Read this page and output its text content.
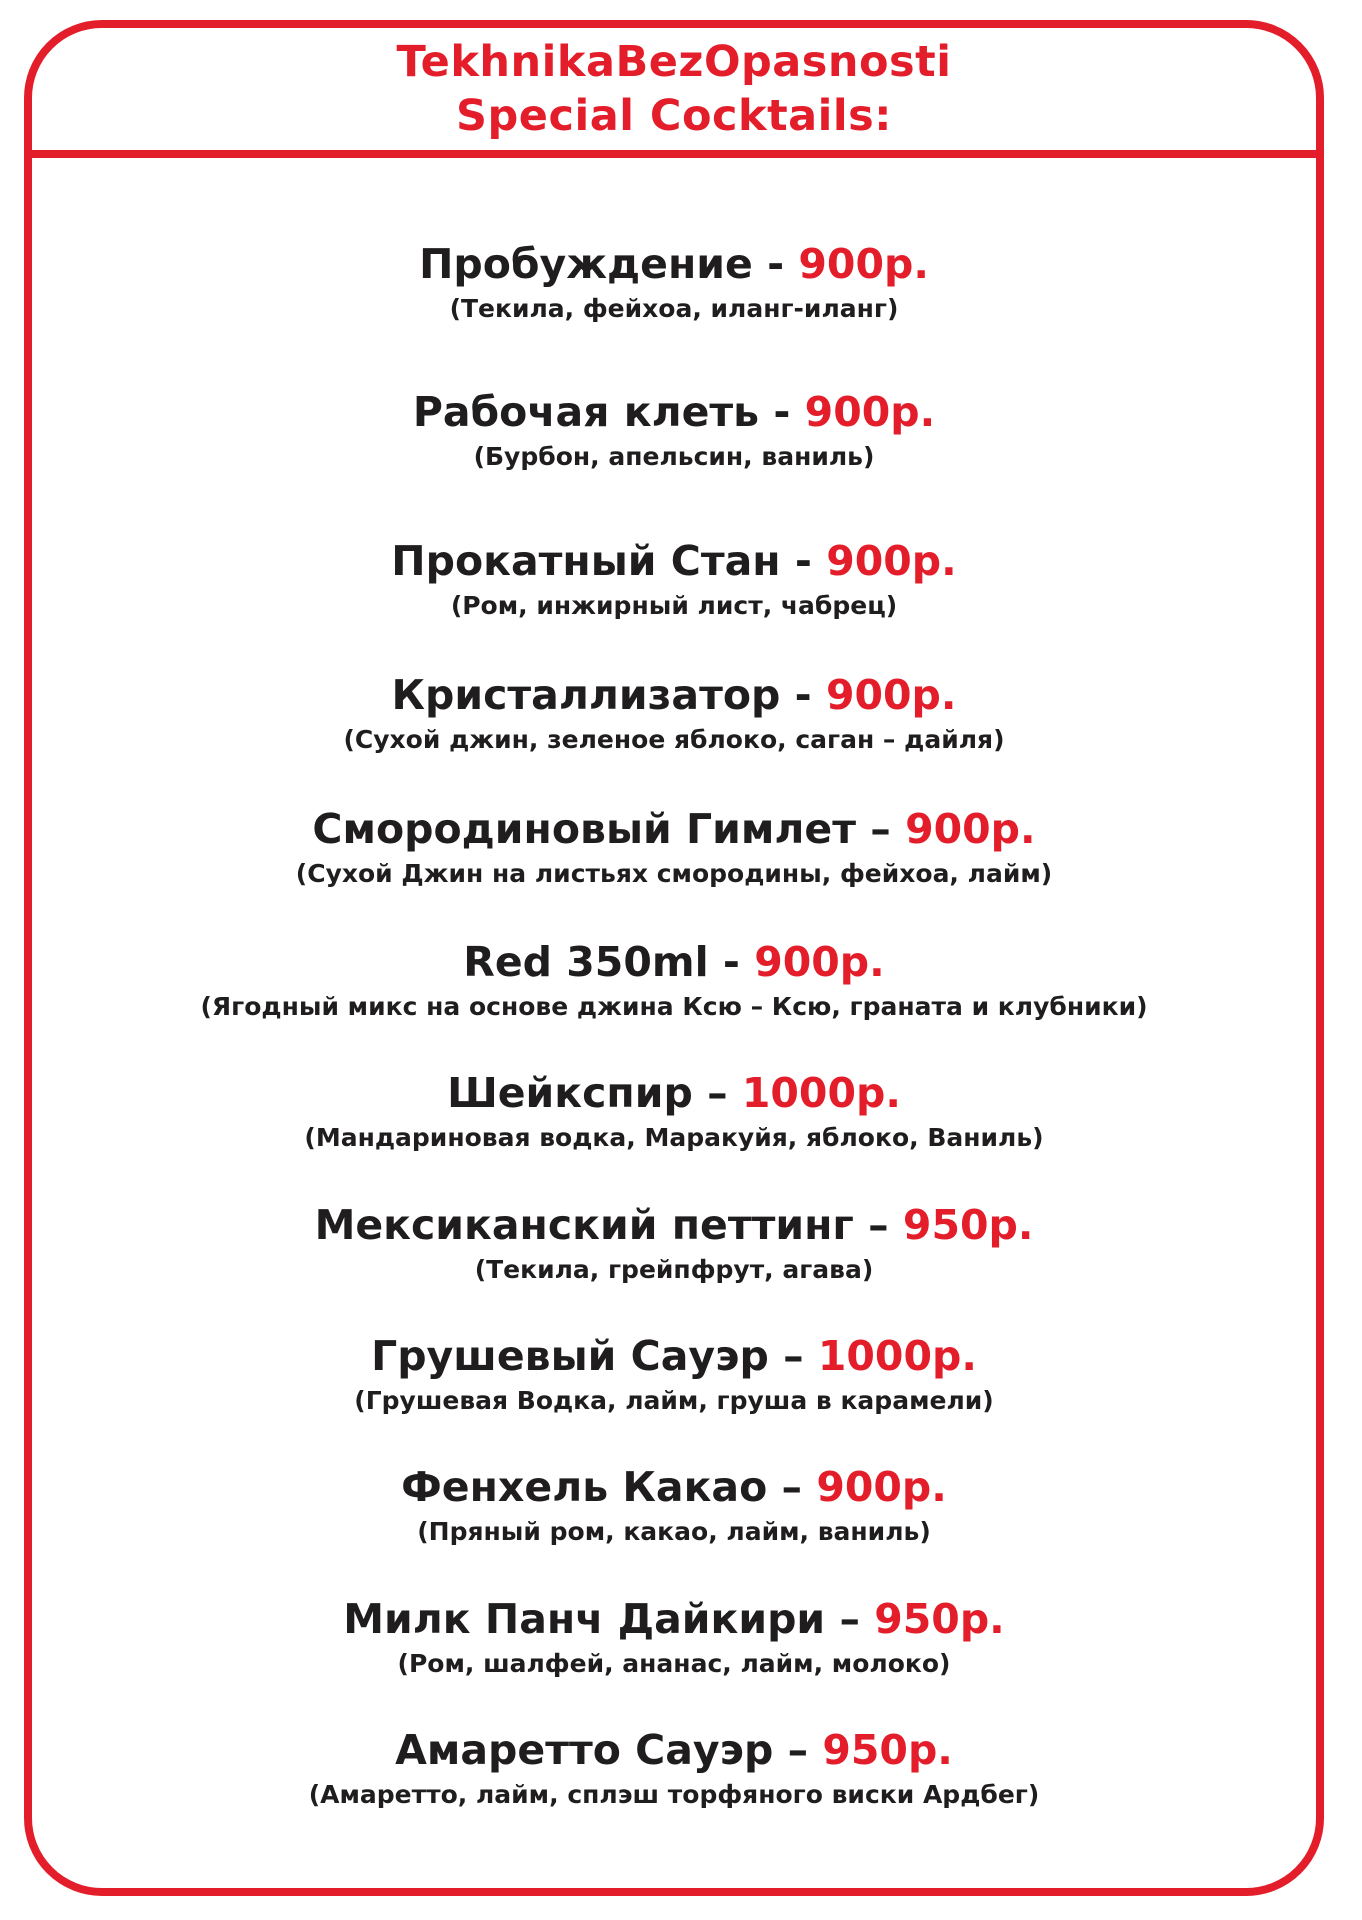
TekhnikaBezOpasnosti
Special Cocktails:
Пробуждение - 900р.
(Текила, фейхоа, иланг-иланг)
Рабочая клеть - 900р.
(Бурбон, апельсин, ваниль)
Прокатный Стан - 900р.
(Ром, инжирный лист, чабрец)
Кристаллизатор - 900р.
(Сухой джин, зеленое яблоко, саган – дайля)
Смородиновый Гимлет – 900р.
(Сухой Джин на листьях смородины, фейхоа, лайм)
Red 350ml - 900р.
(Ягодный микс на основе джина Ксю – Ксю, граната и клубники)
Шейкспир – 1000р.
(Мандариновая водка, Маракуйя, яблоко, Ваниль)
Мексиканский петтинг – 950р.
(Текила, грейпфрут, агава)
Грушевый Сауэр – 1000р.
(Грушевая Водка, лайм, груша в карамели)
Фенхель Какао – 900р.
(Пряный ром, какао, лайм, ваниль)
Милк Панч Дайкири – 950р.
(Ром, шалфей, ананас, лайм, молоко)
Амаретто Сауэр – 950р.
(Амаретто, лайм, сплэш торфяного виски Ардбег)
